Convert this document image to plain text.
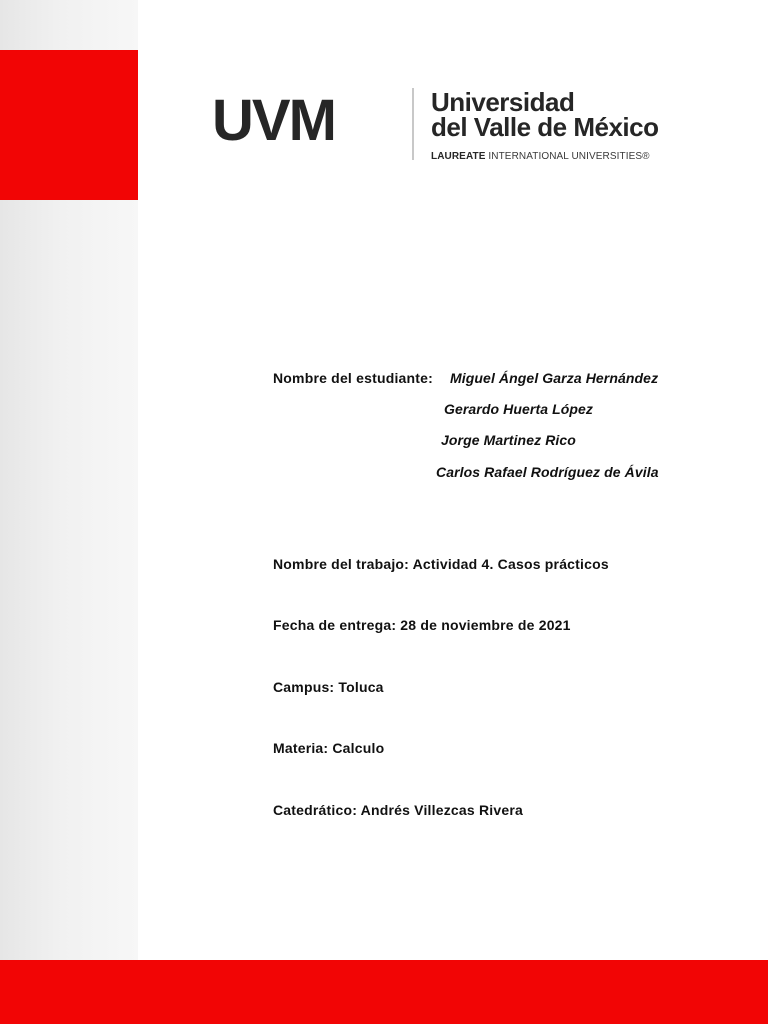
UVM	Universidad
del Valle de México
LAUREATE INTERNATIONAL UNIVERSITIES®
Nombre del estudiante: Miguel Ángel Garza Hernández
Gerardo Huerta López
Jorge Martinez Rico
Carlos Rafael Rodríguez de Ávila
Nombre del trabajo: Actividad 4. Casos prácticos
Fecha de entrega: 28 de noviembre de 2021
Campus: Toluca
Materia: Calculo
Catedrático: Andrés Villezcas Rivera
